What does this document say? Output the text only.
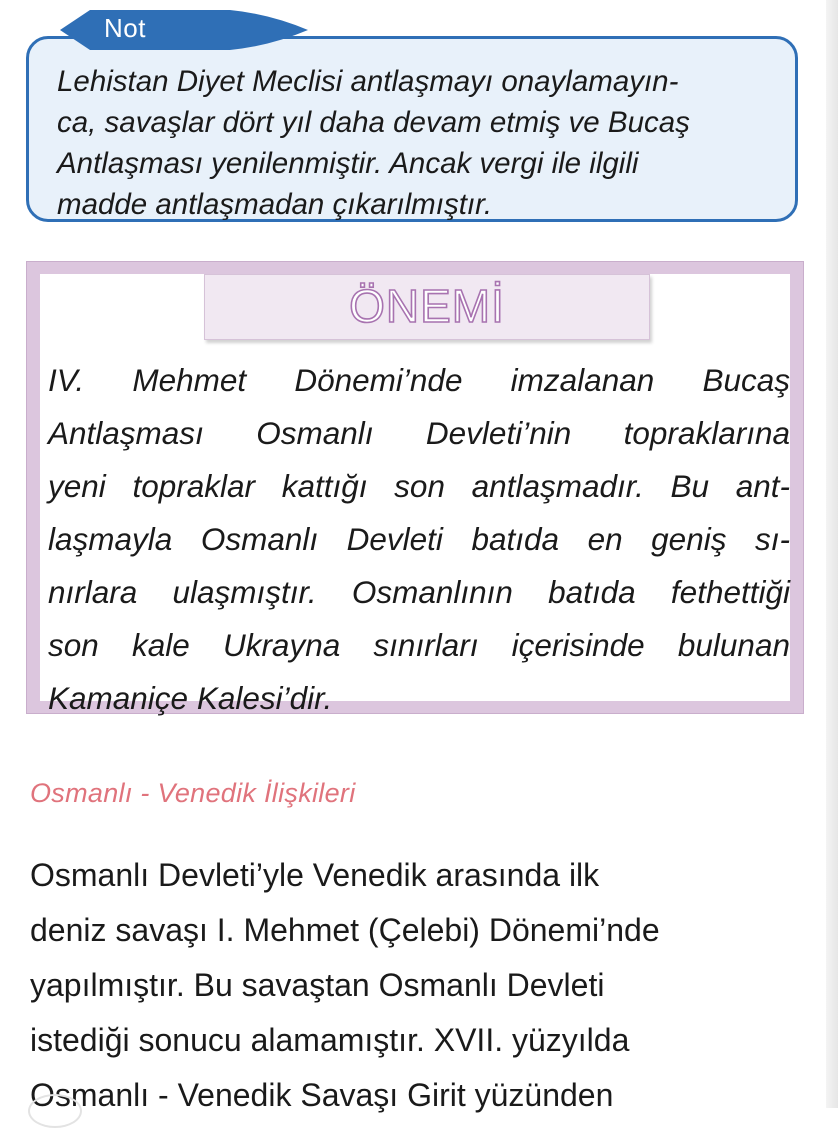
Lehistan Diyet Meclisi antlaşmayı onaylamayın-
ca, savaşlar dört yıl daha devam etmiş ve Bucaş
Antlaşması yenilenmiştir. Ancak vergi ile ilgili
madde antlaşmadan çıkarılmıştır.

Not
ÖNEMİ
IV. Mehmet Dönemi’nde imzalanan Bucaş
Antlaşması Osmanlı Devleti’nin topraklarına
yeni topraklar kattığı son antlaşmadır. Bu ant-
laşmayla Osmanlı Devleti batıda en geniş sı-
nırlara ulaşmıştır. Osmanlının batıda fethettiği
son kale Ukrayna sınırları içerisinde bulunan
Kamaniçe Kalesi’dir.
Osmanlı - Venedik İlişkileri
Osmanlı Devleti’yle Venedik arasında ilk
deniz savaşı I. Mehmet (Çelebi) Dönemi’nde
yapılmıştır. Bu savaştan Osmanlı Devleti
istediği sonucu alamamıştır. XVII. yüzyılda
Osmanlı - Venedik Savaşı Girit yüzünden
